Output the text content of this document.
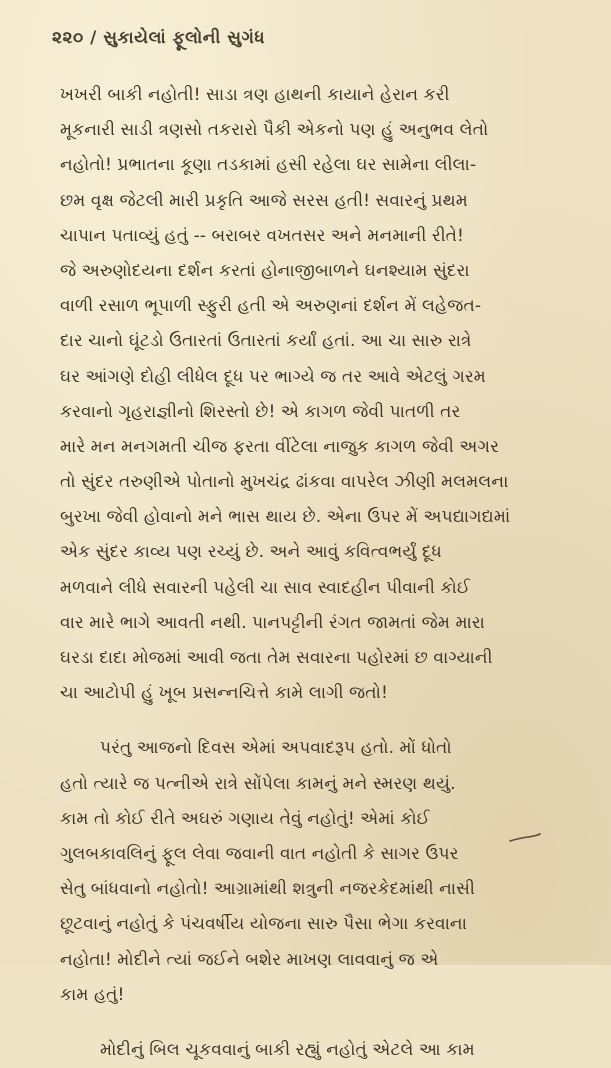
૨૨૦ / સુકાયેલાં ફૂલોની સુગંધ
ખખરી બાકી નહોતી! સાડા ત્રણ હાથની કાયાને હેરાન કરી
મૂકનારી સાડી ત્રણસો તકરારો પૈકી એકનો પણ હું અનુભવ લેતો
નહોતો! પ્રભાતના કૂણા તડકામાં હસી રહેલા ઘર સામેના લીલા-
છમ વૃક્ષ જેટલી મારી પ્રકૃતિ આજે સરસ હતી! સવારનું પ્રથમ
ચાપાન પતાવ્યું હતું -- બરાબર વખતસર અને મનમાની રીતે!
જે અરુણોદયના દર્શન કરતાં હોનાજીબાળને ઘનશ્યામ સુંદરા
વાળી રસાળ ભૂપાળી સ્ફુરી હતી એ અરુણનાં દર્શન મેં લહેજત-
દાર ચાનો ઘૂંટડો ઉતારતાં ઉતારતાં કર્યાં હતાં. આ ચા સારુ રાત્રે
ઘર આંગણે દોહી લીધેલ દૂધ પર ભાગ્યે જ તર આવે એટલું ગરમ
કરવાનો ગૃહરાજ્ઞીનો શિરસ્તો છે! એ કાગળ જેવી પાતળી તર
મારે મન મનગમતી ચીજ ફરતા વીંટેલા નાજુક કાગળ જેવી અગર
તો સુંદર તરુણીએ પોતાનો મુખચંદ્ર ઢાંકવા વાપરેલ ઝીણી મલમલના
બુરખા જેવી હોવાનો મને ભાસ થાય છે. એના ઉપર મેં અપદ્યાગદ્યમાં
એક સુંદર કાવ્ય પણ રચ્યું છે. અને આવું કવિત્વભર્યું દૂધ
મળવાને લીધે સવારની પહેલી ચા સાવ સ્વાદહીન પીવાની કોઈ
વાર મારે ભાગે આવતી નથી. પાનપટ્ટીની રંગત જામતાં જેમ મારા
ઘરડા દાદા મોજમાં આવી જતા તેમ સવારના પહોરમાં છ વાગ્યાની
ચા આટોપી હું ખૂબ પ્રસન્નચિત્તે કામે લાગી જતો!
પરંતુ આજનો દિવસ એમાં અપવાદરૂપ હતો. મોં ધોતો
હતો ત્યારે જ પત્નીએ રાત્રે સોંપેલા કામનું મને સ્મરણ થયું.
કામ તો કોઈ રીતે અઘરું ગણાય તેવું નહોતું! એમાં કોઈ
ગુલબકાવલિનું ફૂલ લેવા જવાની વાત નહોતી કે સાગર ઉપર
સેતુ બાંધવાનો નહોતો! આગ્રામાંથી શત્રુની નજરકેદમાંથી નાસી
છૂટવાનું નહોતું કે પંચવર્ષીય યોજના સારુ પૈસા ભેગા કરવાના
નહોતા! મોદીને ત્યાં જઈને બશેર માખણ લાવવાનું જ એ
કામ હતું!
મોદીનું બિલ ચૂકવવાનું બાકી રહ્યું નહોતું એટલે આ કામ
